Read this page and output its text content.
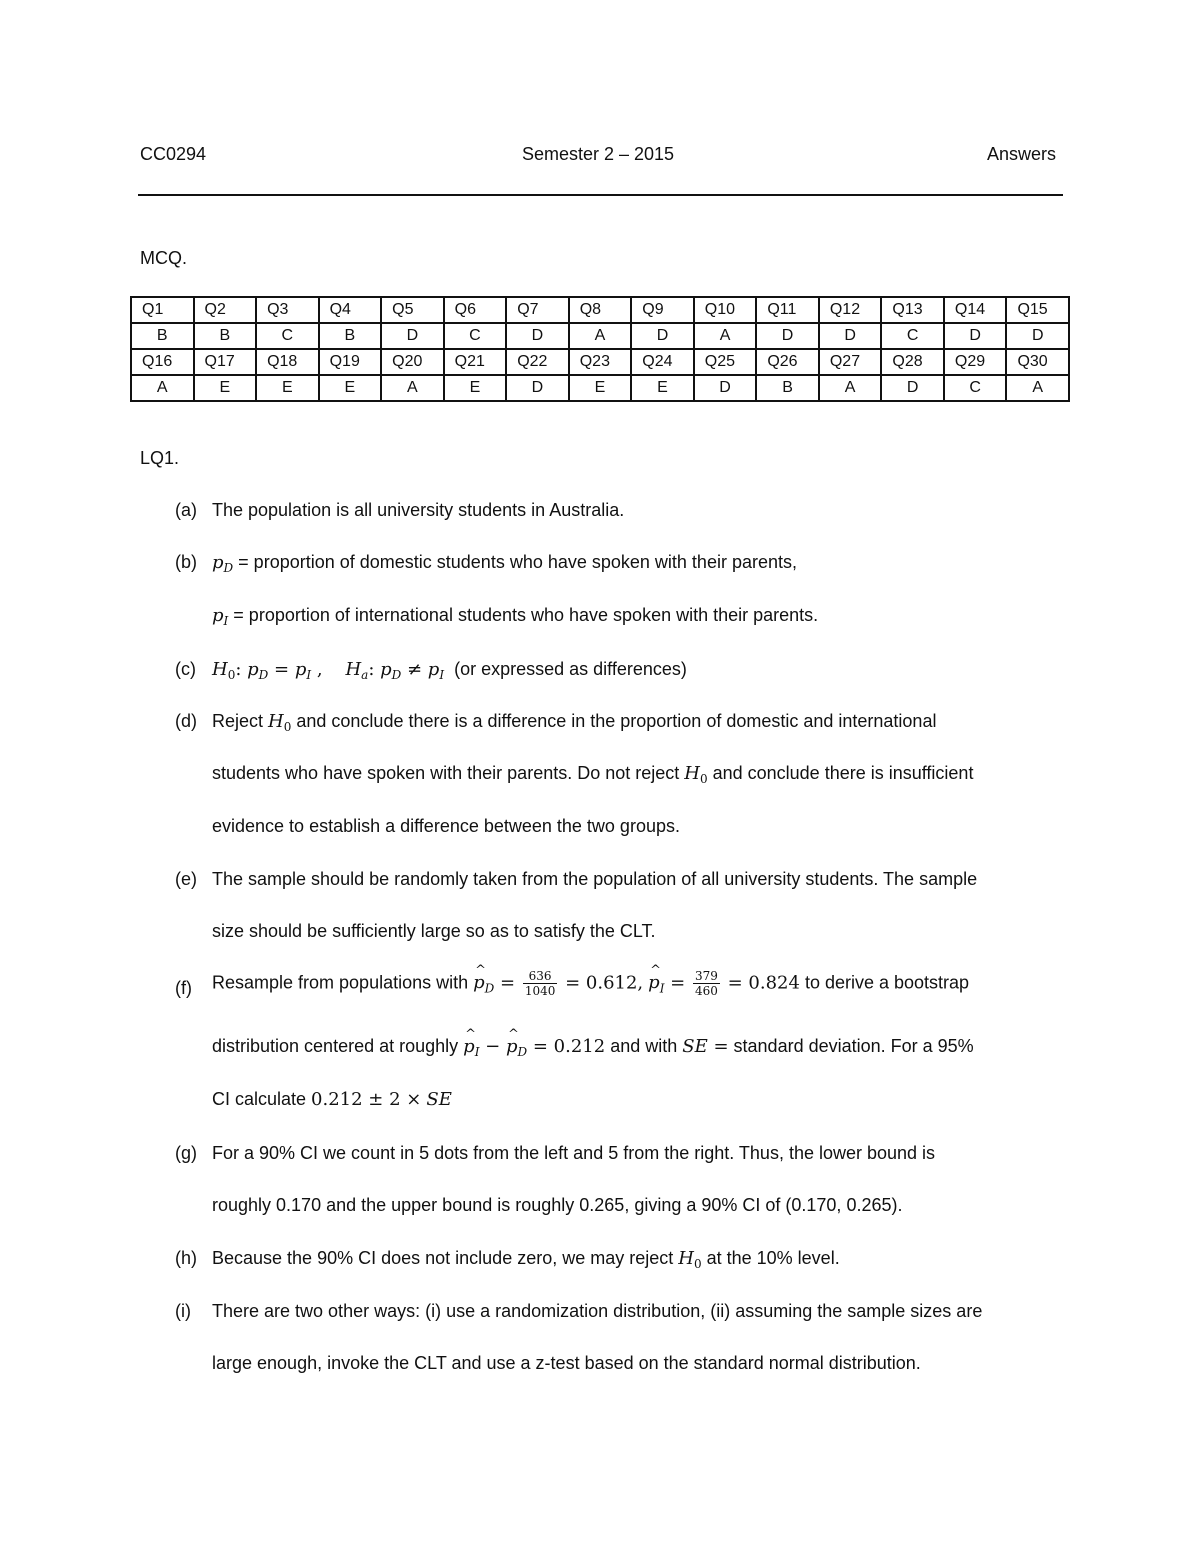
CC0294	Semester 2 – 2015	Answers
MCQ.
Q1	Q2	Q3	Q4	Q5	Q6	Q7	Q8	Q9	Q10	Q11	Q12	Q13	Q14	Q15
B	B	C	B	D	C	D	A	D	A	D	D	C	D	D
Q16	Q17	Q18	Q19	Q20	Q21	Q22	Q23	Q24	Q25	Q26	Q27	Q28	Q29	Q30
A	E	E	E	A	E	D	E	E	D	B	A	D	C	A
LQ1.
(a) The population is all university students in Australia.
(b) $p_D$ = proportion of domestic students who have spoken with their parents,
$p_I$ = proportion of international students who have spoken with their parents.
(c) $H_0$: $p_D = p_I$ ,    $H_a$: $p_D \ne p_I$ (or expressed as differences)
(d) Reject $H_0$ and conclude there is a difference in the proportion of domestic and international
students who have spoken with their parents. Do not reject $H_0$ and conclude there is insufficient
evidence to establish a difference between the two groups.
(e) The sample should be randomly taken from the population of all university students. The sample
size should be sufficiently large so as to satisfy the CLT.
(f)	Resample from populations with ^ $p_D = \frac{636}{1040} = 0.612$, ^ $p_I = \frac{379}{460} = 0.824$ to derive a bootstrap
distribution centered at roughly ^ $p_I$ − ^ $p_D = 0.212$ and with SE = standard deviation. For a 95%
CI calculate 0.212 ± 2 × SE
(g) For a 90% CI we count in 5 dots from the left and 5 from the right. Thus, the lower bound is
roughly 0.170 and the upper bound is roughly 0.265, giving a 90% CI of (0.170, 0.265).
(h) Because the 90% CI does not include zero, we may reject $H_0$ at the 10% level.
(i)	There are two other ways: (i) use a randomization distribution, (ii) assuming the sample sizes are
large enough, invoke the CLT and use a z-test based on the standard normal distribution.
